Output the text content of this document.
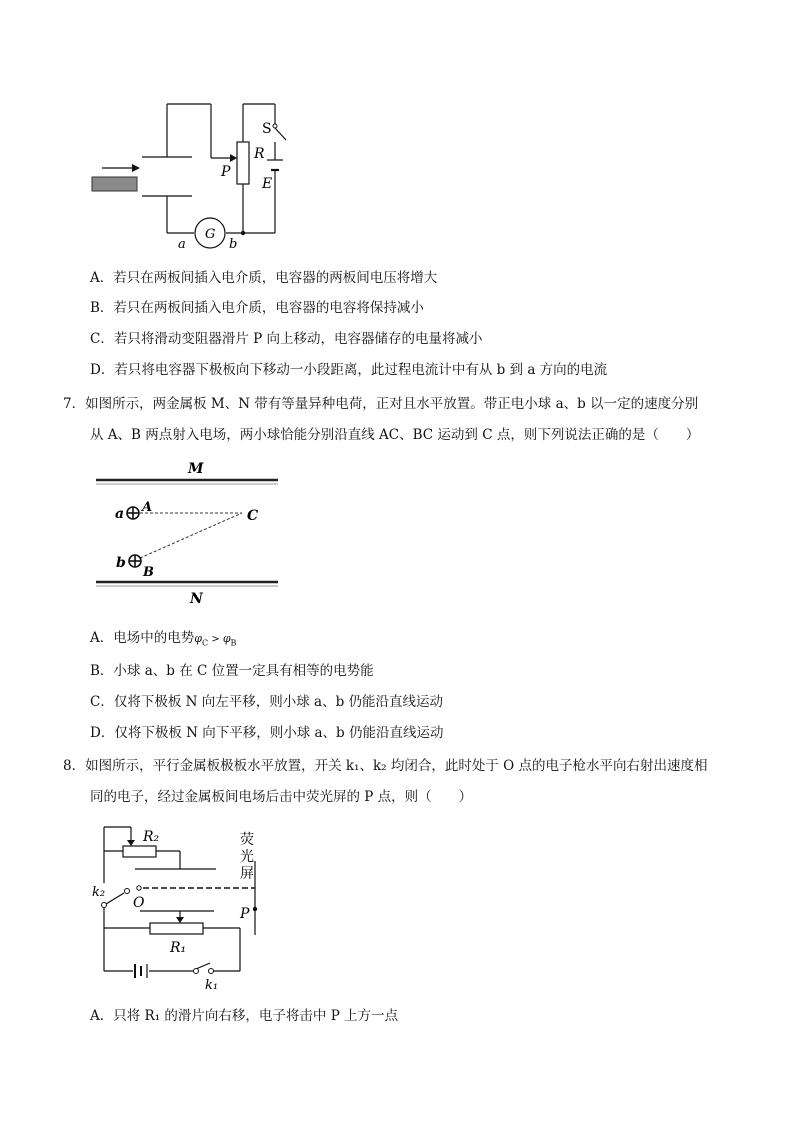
S
R
P
E
G
a	b
A．若只在两板间插入电介质，电容器的两板间电压将增大
B．若只在两板间插入电介质，电容器的电容将保持减小
C．若只将滑动变阻器滑片 P 向上移动，电容器储存的电量将减小
D．若只将电容器下极板向下移动一小段距离，此过程电流计中有从 b 到 a 方向的电流
7．如图所示，两金属板 M、N 带有等量异种电荷，正对且水平放置。带正电小球 a、b 以一定的速度分别
从 A、B 两点射入电场，两小球恰能分别沿直线 AC、BC 运动到 C 点，则下列说法正确的是（　　）
M
N
a A
C
b
B
A．电场中的电势$\varphi_C > \varphi_B$
B．小球 a、b 在 C 位置一定具有相等的电势能
C．仅将下极板 N 向左平移，则小球 a、b 仍能沿直线运动
D．仅将下极板 N 向下平移，则小球 a、b 仍能沿直线运动
8．如图所示，平行金属板极板水平放置，开关 k₁、k₂ 均闭合，此时处于 O 点的电子枪水平向右射出速度相
同的电子，经过金属板间电场后击中荧光屏的 P 点，则（　　）
R₂
k₂
O
P
R₁
k₁
荧
光
屏
A．只将 R₁ 的滑片向右移，电子将击中 P 上方一点
